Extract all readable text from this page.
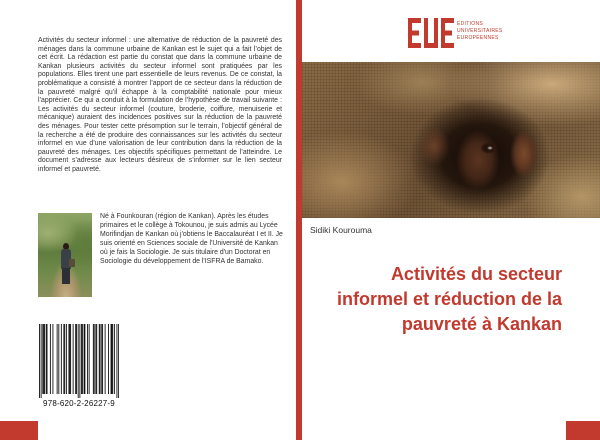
Activités du secteur informel : une alternative de réduction de la pauvreté des ménages dans la commune urbaine de Kankan est le sujet qui a fait l’objet de cet écrit. La rédaction est partie du constat que dans la commune urbaine de Kankan plusieurs activités du secteur informel sont pratiquées par les populations. Elles tirent une part essentielle de leurs revenus. De ce constat, la problématique a consisté à montrer l’apport de ce secteur dans la réduction de la pauvreté malgré qu’il échappe à la comptabilité nationale pour mieux l’apprécier. Ce qui a conduit à la formulation de l’hypothèse de travail suivante : Les activités du secteur informel (couture, broderie, coiffure, menuiserie et mécanique) auraient des incidences positives sur la réduction de la pauvreté des ménages. Pour tester cette présomption sur le terrain, l’objectif général de la recherche a été de produire des connaissances sur les activités du secteur informel en vue d’une valorisation de leur contribution dans la réduction de la pauvreté des ménages. Les objectifs spécifiques permettant de l’atteindre. Le document s’adresse aux lecteurs désireux de s’informer sur le lien secteur informel et pauvreté.

Né à Founkouran (région de Kankan). Après les études primaires et le collège à Tokounou, je suis admis au Lycée Morifindjan de Kankan où j'obtiens le Baccalauréat I et II. Je suis orienté en Sciences sociale de l'Université de Kankan où je fais la Sociologie. Je suis titulaire d'un Doctorat en Sociologie du développement de l'ISFRA de Bamako.

978-620-2-26227-9
ÉDITIONS
UNIVERSITAIRES
EUROPÉENNES
Sidiki Kourouma
Activités du secteur
informel et réduction de la
pauvreté à Kankan
